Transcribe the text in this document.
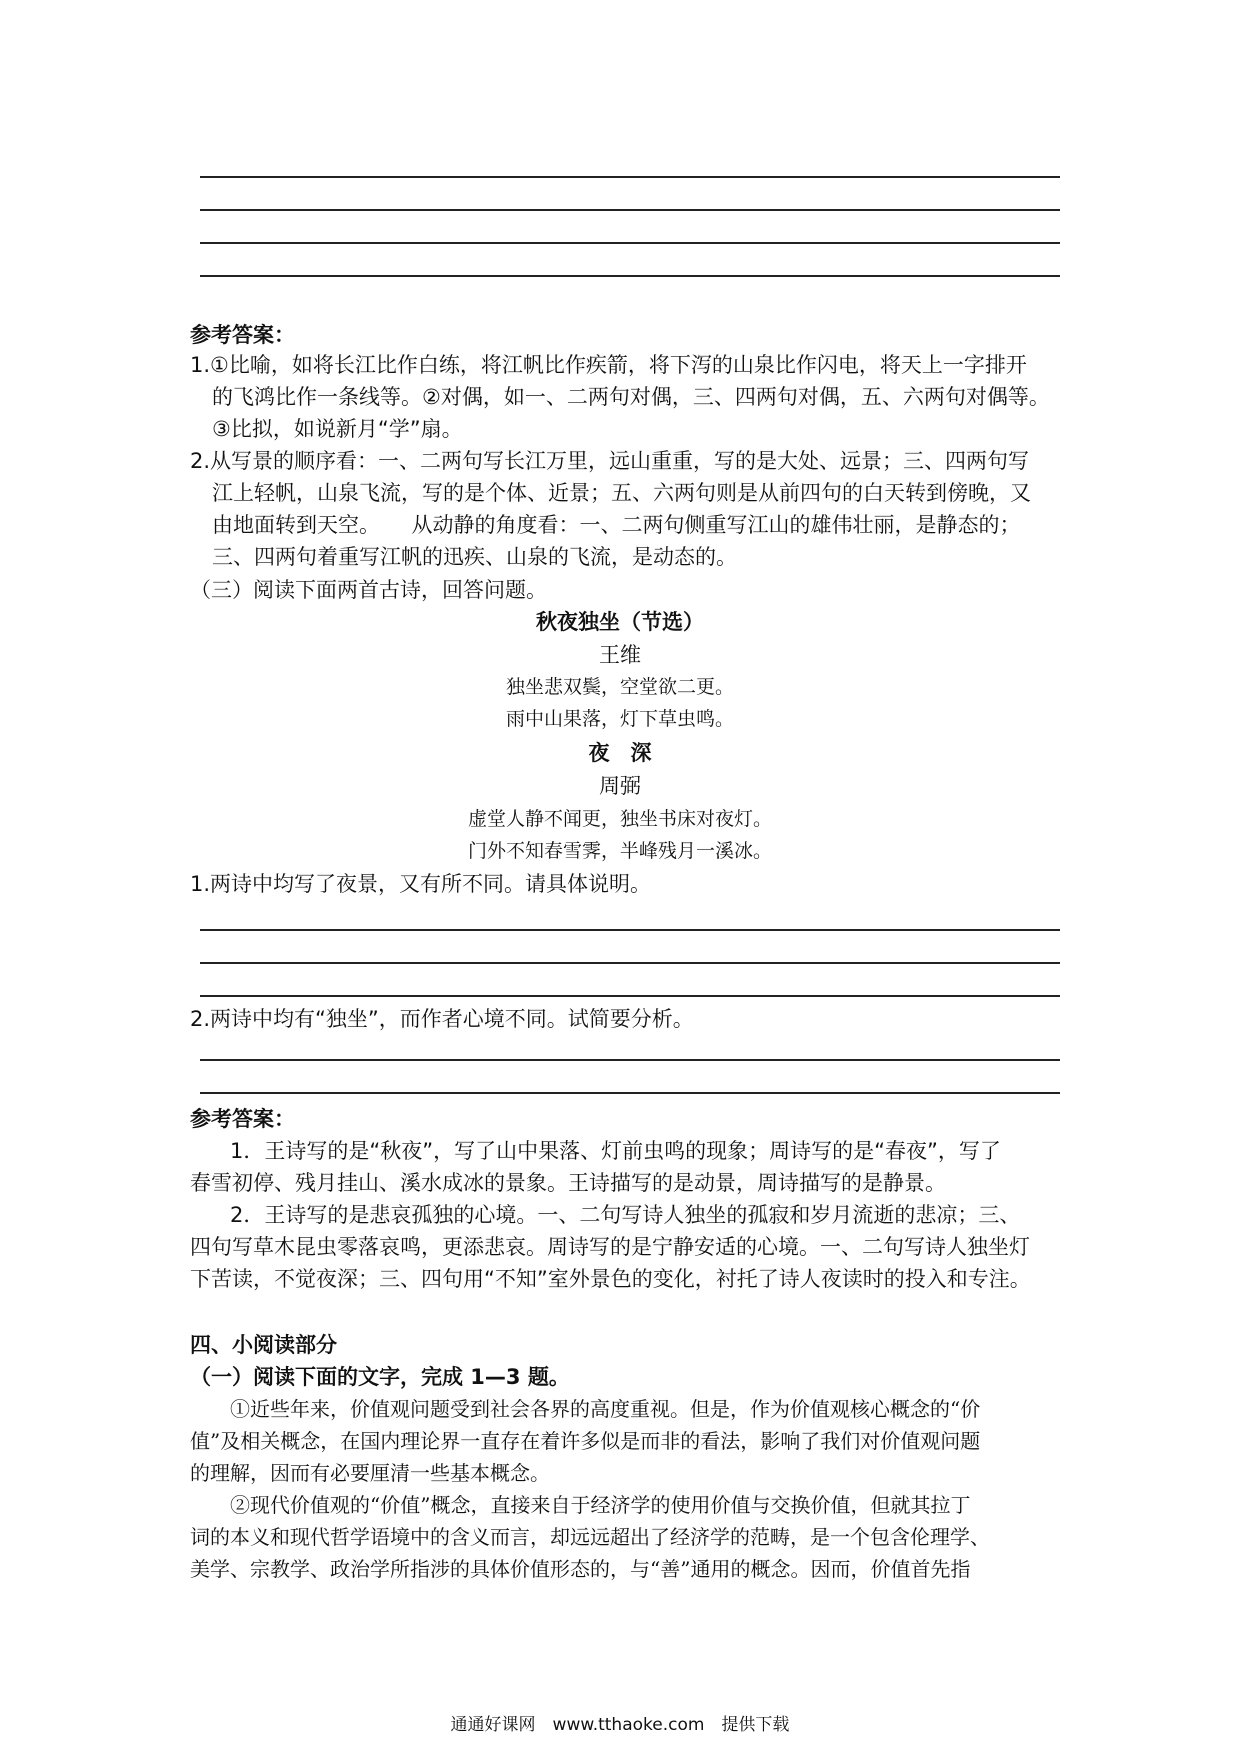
参考答案：
1.①比喻，如将长江比作白练，将江帆比作疾箭，将下泻的山泉比作闪电，将天上一字排开
的飞鸿比作一条线等。②对偶，如一、二两句对偶，三、四两句对偶，五、六两句对偶等。
③比拟，如说新月“学”扇。
2.从写景的顺序看：一、二两句写长江万里，远山重重，写的是大处、远景；三、四两句写
江上轻帆，山泉飞流，写的是个体、近景；五、六两句则是从前四句的白天转到傍晚，又
由地面转到天空。　　从动静的角度看：一、二两句侧重写江山的雄伟壮丽，是静态的；
三、四两句着重写江帆的迅疾、山泉的飞流，是动态的。
（三）阅读下面两首古诗，回答问题。
秋夜独坐（节选）
王维
独坐悲双鬓，空堂欲二更。
雨中山果落，灯下草虫鸣。
夜　深
周弼
虚堂人静不闻更，独坐书床对夜灯。
门外不知春雪霁，半峰残月一溪冰。
1.两诗中均写了夜景，又有所不同。请具体说明。
2.两诗中均有“独坐”，而作者心境不同。试简要分析。
参考答案：
1．王诗写的是“秋夜”，写了山中果落、灯前虫鸣的现象；周诗写的是“春夜”，写了
春雪初停、残月挂山、溪水成冰的景象。王诗描写的是动景，周诗描写的是静景。
2．王诗写的是悲哀孤独的心境。一、二句写诗人独坐的孤寂和岁月流逝的悲凉；三、
四句写草木昆虫零落哀鸣，更添悲哀。周诗写的是宁静安适的心境。一、二句写诗人独坐灯
下苦读，不觉夜深；三、四句用“不知”室外景色的变化，衬托了诗人夜读时的投入和专注。
四、小阅读部分
（一）阅读下面的文字，完成 1—3 题。
①近些年来，价值观问题受到社会各界的高度重视。但是，作为价值观核心概念的“价
值”及相关概念，在国内理论界一直存在着许多似是而非的看法，影响了我们对价值观问题
的理解，因而有必要厘清一些基本概念。
②现代价值观的“价值”概念，直接来自于经济学的使用价值与交换价值，但就其拉丁
词的本义和现代哲学语境中的含义而言，却远远超出了经济学的范畴，是一个包含伦理学、
美学、宗教学、政治学所指涉的具体价值形态的，与“善”通用的概念。因而，价值首先指
通通好课网　www.tthaoke.com　提供下载
